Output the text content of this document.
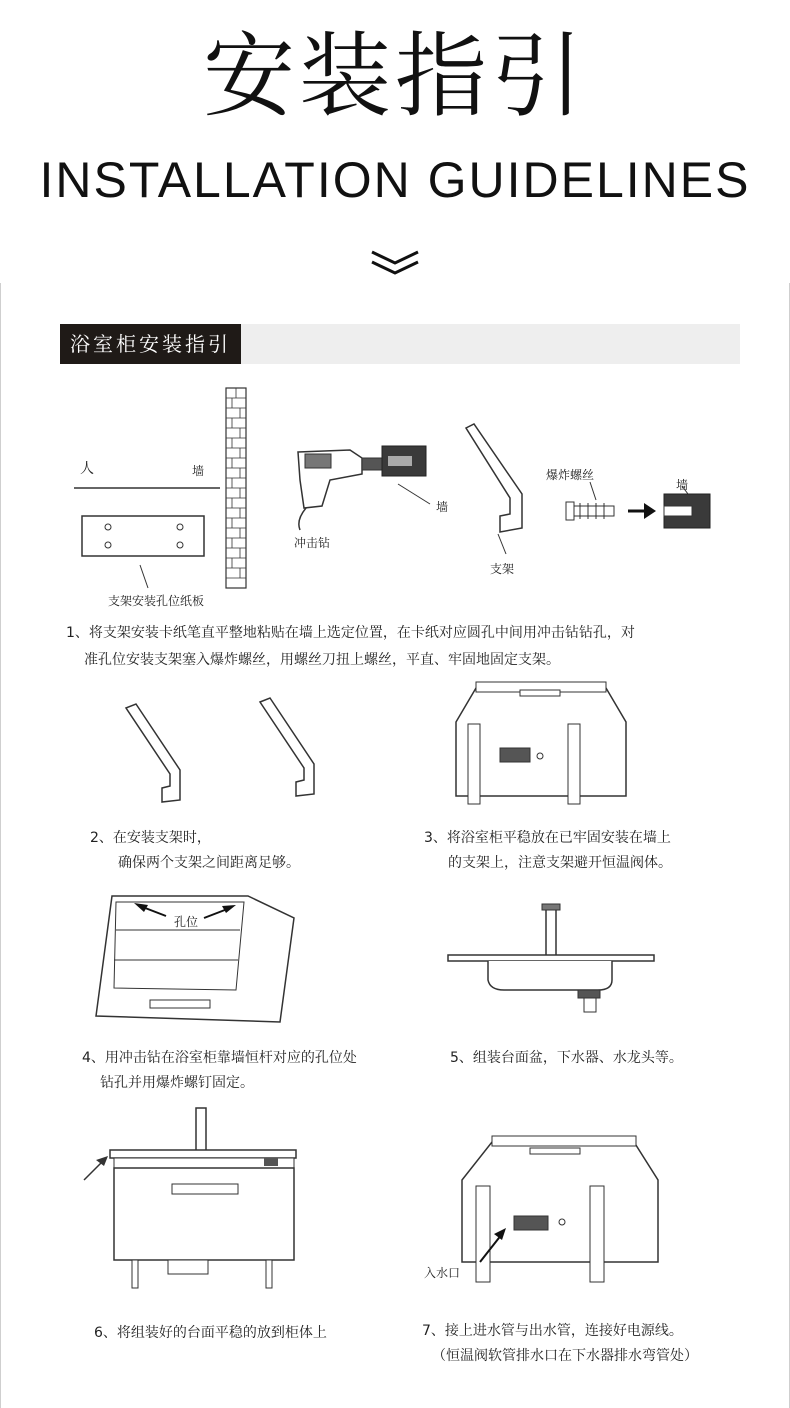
安装指引
INSTALLATION GUIDELINES
浴室柜安装指引
人	墙
支架安装孔位纸板
冲击钻
墙
支架
爆炸螺丝
墙
1、将支架安装卡纸笔直平整地粘贴在墙上选定位置，在卡纸对应圆孔中间用冲击钻钻孔，对
准孔位安装支架塞入爆炸螺丝，用螺丝刀扭上螺丝，平直、牢固地固定支架。
2、在安装支架时，
确保两个支架之间距离足够。
3、将浴室柜平稳放在已牢固安装在墙上
的支架上，注意支架避开恒温阀体。
孔位
4、用冲击钻在浴室柜靠墙恒杆对应的孔位处
钻孔并用爆炸螺钉固定。
5、组装台面盆，下水器、水龙头等。
6、将组装好的台面平稳的放到柜体上
入水口
7、接上进水管与出水管，连接好电源线。
（恒温阀软管排水口在下水器排水弯管处）
